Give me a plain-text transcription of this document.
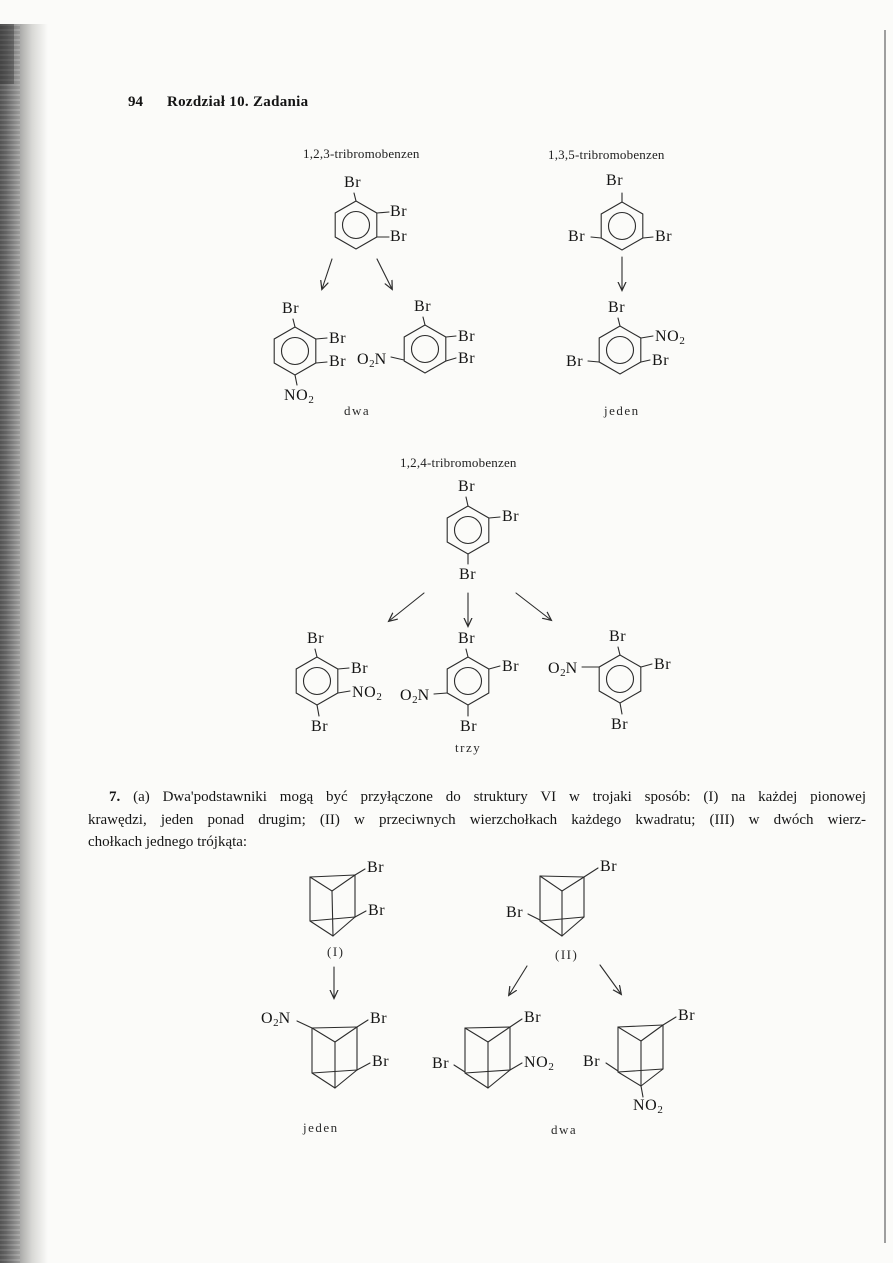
94 Rozdział 10. Zadania
Br
Br
Br
Br
Br	Br
Br
Br
Br
$NO_2$
Br
Br
Br
$O_2N$
Br
$NO_2$
Br
Br
Br
Br
Br
Br
Br
$NO_2$
Br
Br
Br
$O_2N$
Br
Br
Br
$O_2N$
Br
Br
Br
Br
Br
$O_2N$	Br
Br
Br
Br	$NO_2$
Br
Br
$NO_2$
1,2,3-tribromobenzen	1,3,5-tribromobenzen
1,2,4-tribromobenzen
dwa	jeden
trzy
(I)	(II)
jeden	dwa
7. (a) Dwa'podstawniki mogą być przyłączone do struktury VI w trojaki sposób: (I) na każdej pionowej
krawędzi, jeden ponad drugim; (II) w przeciwnych wierzchołkach każdego kwadratu; (III) w dwóch wierz-
chołkach jednego trójkąta:
